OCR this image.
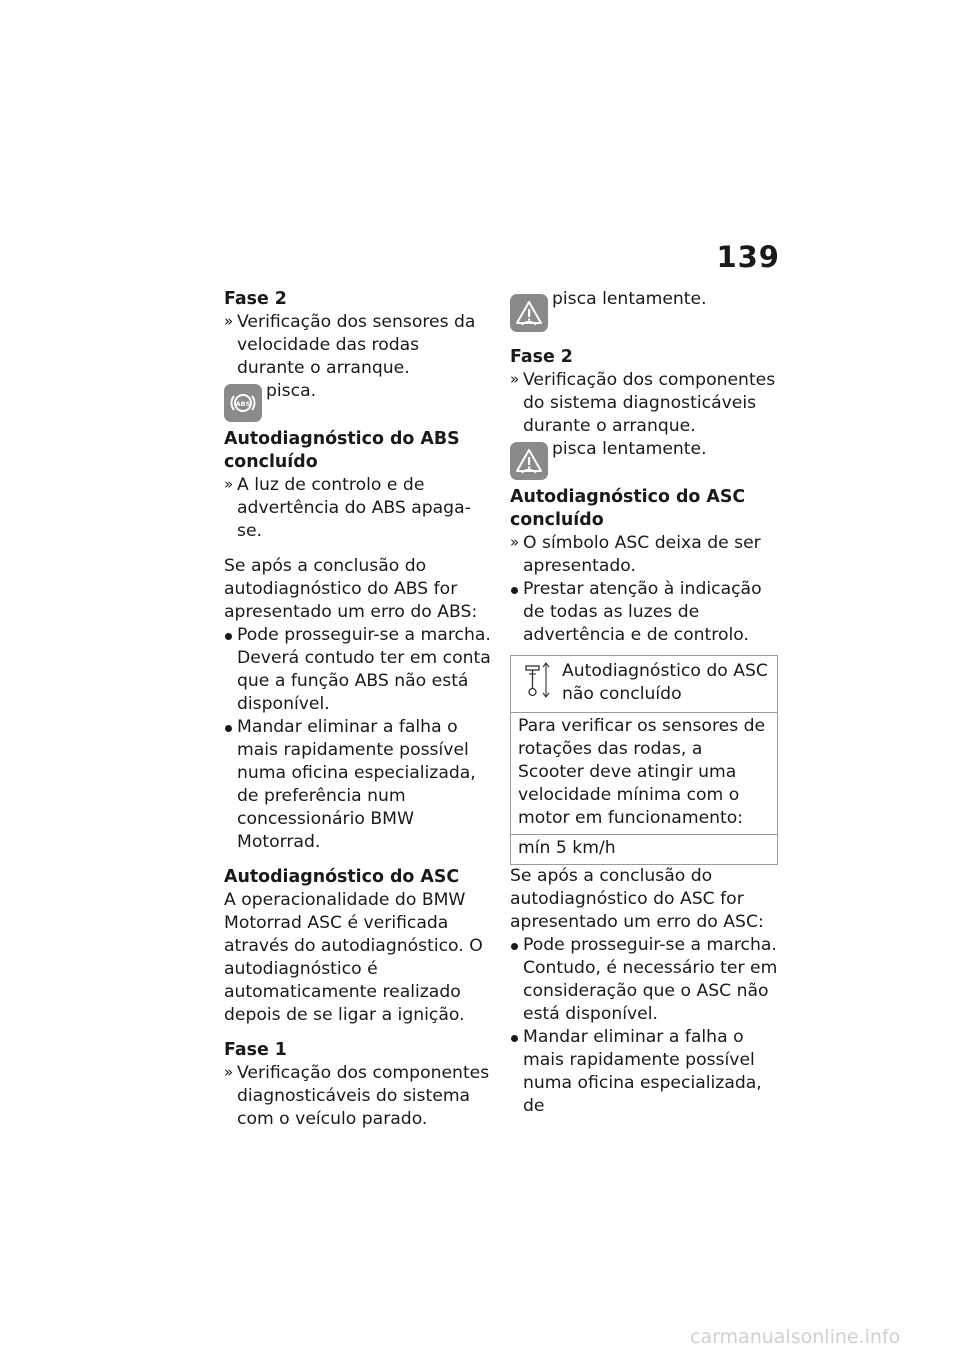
139

Fase 2

» Verificação dos sensores da velocidade das rodas durante o arranque.

ABS
pisca.

Autodiagnóstico do ABS concluído

» A luz de controlo e de advertência do ABS apaga-se.

Se após a conclusão do autodiagnóstico do ABS for apresentado um erro do ABS:

Pode prosseguir-se a marcha. Deverá contudo ter em conta que a função ABS não está disponível.

Mandar eliminar a falha o mais rapidamente possível numa oficina especializada, de preferência num concessionário BMW Motorrad.

Autodiagnóstico do ASC

A operacionalidade do BMW Motorrad ASC é verificada através do autodiagnóstico. O autodiagnóstico é automaticamente realizado depois de se ligar a ignição.

Fase 1

» Verificação dos componentes diagnosticáveis do sistema com o veículo parado.

pisca lentamente.

Fase 2

» Verificação dos componentes do sistema diagnosticáveis durante o arranque.

pisca lentamente.

Autodiagnóstico do ASC concluído

» O símbolo ASC deixa de ser apresentado.

Prestar atenção à indicação de todas as luzes de advertência e de controlo.

Autodiagnóstico do ASC não concluído

Para verificar os sensores de rotações das rodas, a Scooter deve atingir uma velocidade mínima com o motor em funcionamento:
mín 5 km/h

Se após a conclusão do autodiagnóstico do ASC for apresentado um erro do ASC:

Pode prosseguir-se a marcha. Contudo, é necessário ter em consideração que o ASC não está disponível.

Mandar eliminar a falha o mais rapidamente possível numa oficina especializada, de

carmanualsonline.info
